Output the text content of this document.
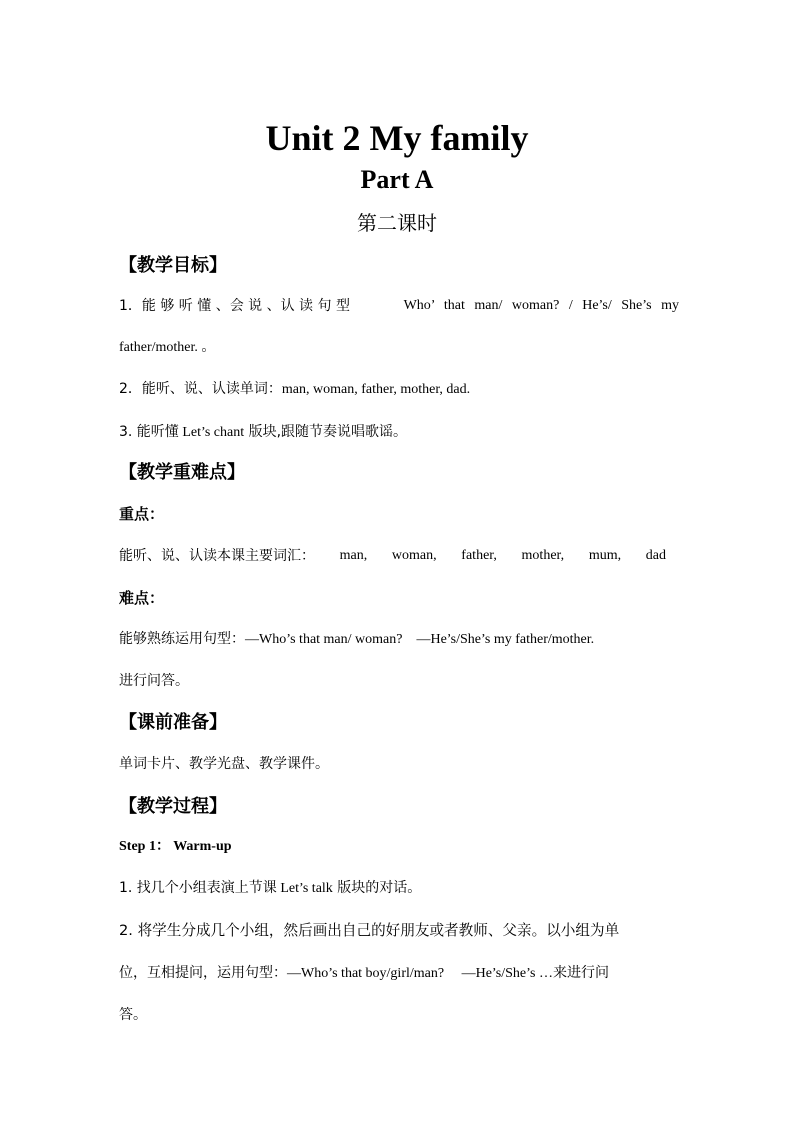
Unit 2 My family
Part A
第二课时
【教学目标】
1．能 够 听 懂 、会 说 、认 读 句 型	Who’ that man/ woman? / He’s/ She’s my
father/mother. 。
2．能听、说、认读单词：man, woman, father, mother, dad.
3. 能听懂 Let’s chant 版块,跟随节奏说唱歌谣。
【教学重难点】
重点：
能听、说、认读本课主要词汇： man, woman, father, mother, mum, dad
难点：
能够熟练运用句型：—Who’s that man/ woman?    —He’s/She’s my father/mother.
进行问答。
【课前准备】
单词卡片、教学光盘、教学课件。
【教学过程】
Step 1： Warm-up
1. 找几个小组表演上节课 Let’s talk 版块的对话。
2. 将学生分成几个小组，然后画出自己的好朋友或者教师、父亲。以小组为单
位，互相提问，运用句型：—Who’s that boy/girl/man?     —He’s/She’s …来进行问
答。
